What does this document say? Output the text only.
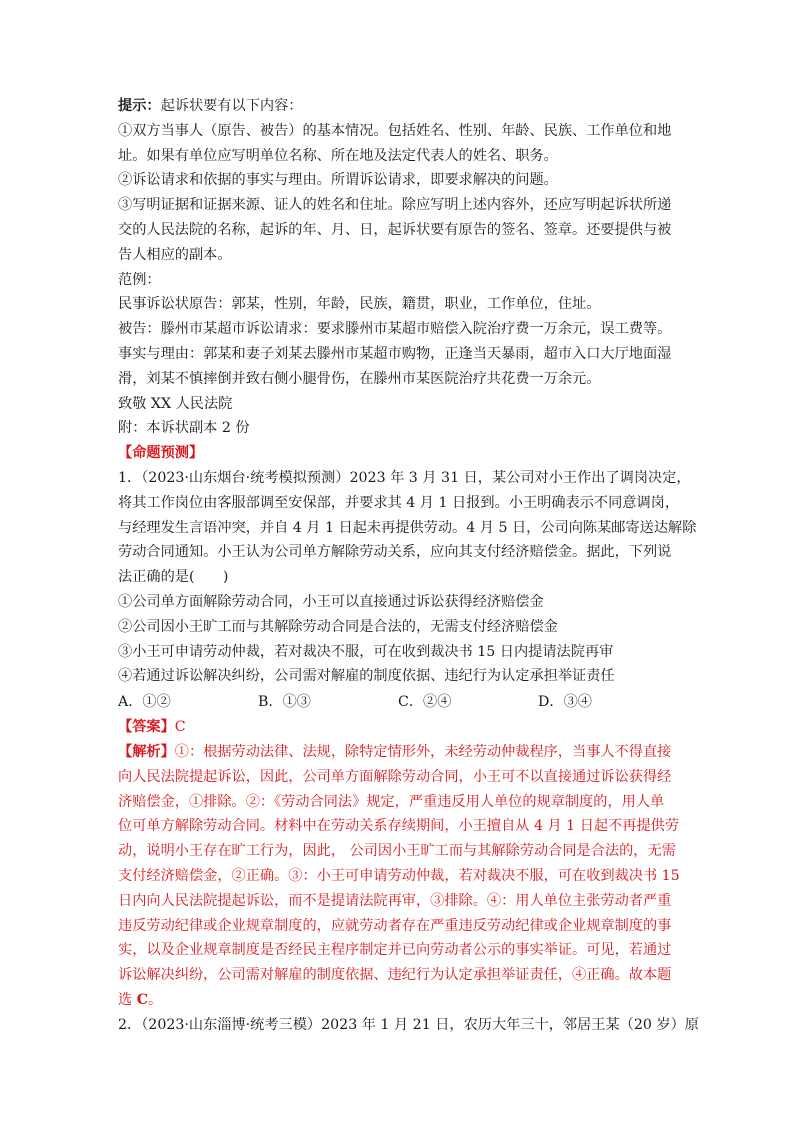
提示：起诉状要有以下内容：
①双方当事人（原告、被告）的基本情况。包括姓名、性别、年龄、民族、工作单位和地
址。如果有单位应写明单位名称、所在地及法定代表人的姓名、职务。
②诉讼请求和依据的事实与理由。所谓诉讼请求，即要求解决的问题。
③写明证据和证据来源、证人的姓名和住址。除应写明上述内容外，还应写明起诉状所递
交的人民法院的名称，起诉的年、月、日，起诉状要有原告的签名、签章。还要提供与被
告人相应的副本。
范例：
民事诉讼状原告：郭某，性别，年龄，民族，籍贯，职业，工作单位，住址。
被告：滕州市某超市诉讼请求：要求滕州市某超市赔偿入院治疗费一万余元，误工费等。
事实与理由：郭某和妻子刘某去滕州市某超市购物，正逢当天暴雨，超市入口大厅地面湿
滑，刘某不慎摔倒并致右侧小腿骨伤，在滕州市某医院治疗共花费一万余元。
致敬 XX 人民法院
附：本诉状副本 2 份
【命题预测】
1．（2023·山东烟台·统考模拟预测）2023 年 3 月 31 日，某公司对小王作出了调岗决定，
将其工作岗位由客服部调至安保部，并要求其 4 月 1 日报到。小王明确表示不同意调岗，
与经理发生言语冲突，并自 4 月 1 日起未再提供劳动。4 月 5 日，公司向陈某邮寄送达解除
劳动合同通知。小王认为公司单方解除劳动关系，应向其支付经济赔偿金。据此，下列说
法正确的是(　　)
①公司单方面解除劳动合同，小王可以直接通过诉讼获得经济赔偿金
②公司因小王旷工而与其解除劳动合同是合法的，无需支付经济赔偿金
③小王可申请劳动仲裁，若对裁决不服，可在收到裁决书 15 日内提请法院再审
④若通过诉讼解决纠纷，公司需对解雇的制度依据、违纪行为认定承担举证责任
A．①②	B．①③	C．②④	D．③④
【答案】C
【解析】①：根据劳动法律、法规，除特定情形外，未经劳动仲裁程序，当事人不得直接
向人民法院提起诉讼，因此，公司单方面解除劳动合同，小王可不以直接通过诉讼获得经
济赔偿金，①排除。②：《劳动合同法》规定，严重违反用人单位的规章制度的，用人单
位可单方解除劳动合同。材料中在劳动关系存续期间，小王擅自从 4 月 1 日起不再提供劳
动，说明小王存在旷工行为，因此， 公司因小王旷工而与其解除劳动合同是合法的，无需
支付经济赔偿金，②正确。③：小王可申请劳动仲裁，若对裁决不服，可在收到裁决书 15
日内向人民法院提起诉讼，而不是提请法院再审，③排除。④：用人单位主张劳动者严重
违反劳动纪律或企业规章制度的，应就劳动者存在严重违反劳动纪律或企业规章制度的事
实，以及企业规章制度是否经民主程序制定并已向劳动者公示的事实举证。可见，若通过
诉讼解决纠纷，公司需对解雇的制度依据、违纪行为认定承担举证责任，④正确。故本题
选 C。
2．（2023·山东淄博·统考三模）2023 年 1 月 21 日，农历大年三十，邻居王某（20 岁）原
